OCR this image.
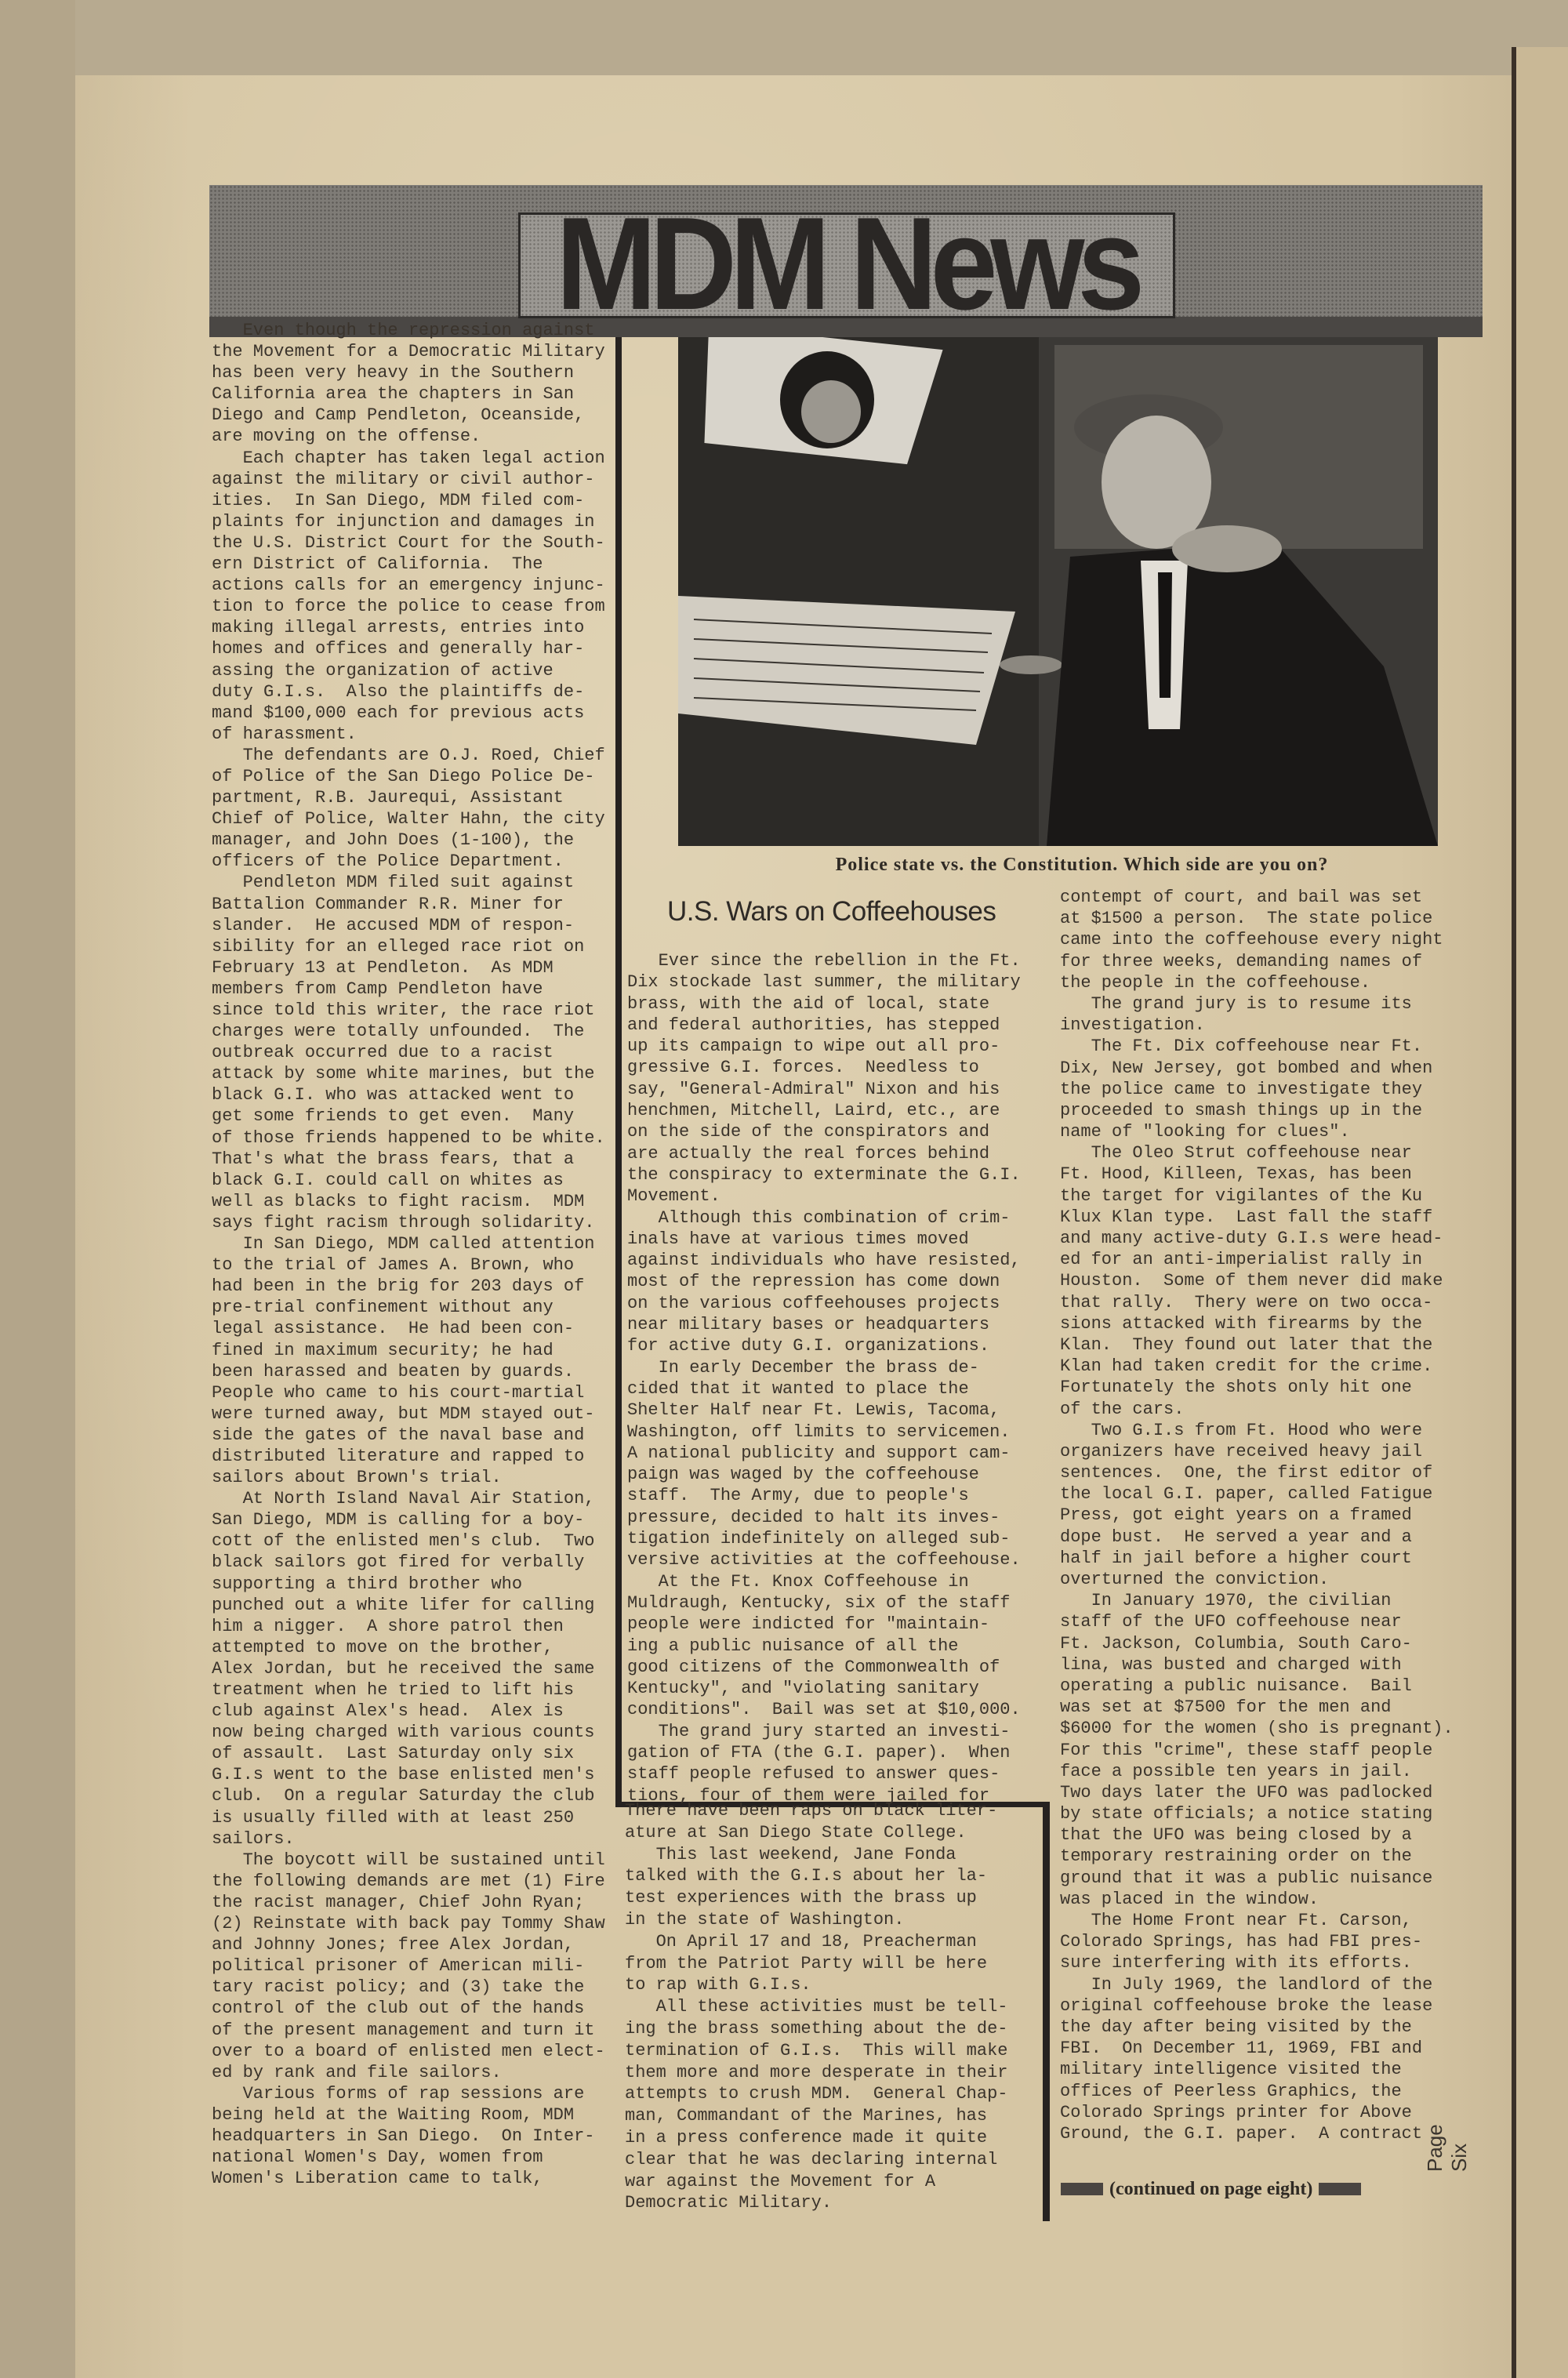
MDM News
Even though the repression against
the Movement for a Democratic Military
has been very heavy in the Southern
California area the chapters in San
Diego and Camp Pendleton, Oceanside,
are moving on the offense.
Each chapter has taken legal action
against the military or civil author-
ities.  In San Diego, MDM filed com-
plaints for injunction and damages in
the U.S. District Court for the South-
ern District of California.  The
actions calls for an emergency injunc-
tion to force the police to cease from
making illegal arrests, entries into
homes and offices and generally har-
assing the organization of active
duty G.I.s.  Also the plaintiffs de-
mand $100,000 each for previous acts
of harassment.
The defendants are O.J. Roed, Chief
of Police of the San Diego Police De-
partment, R.B. Jaurequi, Assistant
Chief of Police, Walter Hahn, the city
manager, and John Does (1-100), the
officers of the Police Department.
Pendleton MDM filed suit against
Battalion Commander R.R. Miner for
slander.  He accused MDM of respon-
sibility for an elleged race riot on
February 13 at Pendleton.  As MDM
members from Camp Pendleton have
since told this writer, the race riot
charges were totally unfounded.  The
outbreak occurred due to a racist
attack by some white marines, but the
black G.I. who was attacked went to
get some friends to get even.  Many
of those friends happened to be white.
That's what the brass fears, that a
black G.I. could call on whites as
well as blacks to fight racism.  MDM
says fight racism through solidarity.
In San Diego, MDM called attention
to the trial of James A. Brown, who
had been in the brig for 203 days of
pre-trial confinement without any
legal assistance.  He had been con-
fined in maximum security; he had
been harassed and beaten by guards.
People who came to his court-martial
were turned away, but MDM stayed out-
side the gates of the naval base and
distributed literature and rapped to
sailors about Brown's trial.
At North Island Naval Air Station,
San Diego, MDM is calling for a boy-
cott of the enlisted men's club.  Two
black sailors got fired for verbally
supporting a third brother who
punched out a white lifer for calling
him a nigger.  A shore patrol then
attempted to move on the brother,
Alex Jordan, but he received the same
treatment when he tried to lift his
club against Alex's head.  Alex is
now being charged with various counts
of assault.  Last Saturday only six
G.I.s went to the base enlisted men's
club.  On a regular Saturday the club
is usually filled with at least 250
sailors.
The boycott will be sustained until
the following demands are met (1) Fire
the racist manager, Chief John Ryan;
(2) Reinstate with back pay Tommy Shaw
and Johnny Jones; free Alex Jordan,
political prisoner of American mili-
tary racist policy; and (3) take the
control of the club out of the hands
of the present management and turn it
over to a board of enlisted men elect-
ed by rank and file sailors.
Various forms of rap sessions are
being held at the Waiting Room, MDM
headquarters in San Diego.  On Inter-
national Women's Day, women from
Women's Liberation came to talk,
Police state vs. the Constitution. Which side are you on?
U.S. Wars on Coffeehouses
Ever since the rebellion in the Ft.
Dix stockade last summer, the military
brass, with the aid of local, state
and federal authorities, has stepped
up its campaign to wipe out all pro-
gressive G.I. forces.  Needless to
say, "General-Admiral" Nixon and his
henchmen, Mitchell, Laird, etc., are
on the side of the conspirators and
are actually the real forces behind
the conspiracy to exterminate the G.I.
Movement.
Although this combination of crim-
inals have at various times moved
against individuals who have resisted,
most of the repression has come down
on the various coffeehouses projects
near military bases or headquarters
for active duty G.I. organizations.
In early December the brass de-
cided that it wanted to place the
Shelter Half near Ft. Lewis, Tacoma,
Washington, off limits to servicemen.
A national publicity and support cam-
paign was waged by the coffeehouse
staff.  The Army, due to people's
pressure, decided to halt its inves-
tigation indefinitely on alleged sub-
versive activities at the coffeehouse.
At the Ft. Knox Coffeehouse in
Muldraugh, Kentucky, six of the staff
people were indicted for "maintain-
ing a public nuisance of all the
good citizens of the Commonwealth of
Kentucky", and "violating sanitary
conditions".  Bail was set at $10,000.
The grand jury started an investi-
gation of FTA (the G.I. paper).  When
staff people refused to answer ques-
tions, four of them were jailed for
There have been raps on black liter-
ature at San Diego State College.
This last weekend, Jane Fonda
talked with the G.I.s about her la-
test experiences with the brass up
in the state of Washington.
On April 17 and 18, Preacherman
from the Patriot Party will be here
to rap with G.I.s.
All these activities must be tell-
ing the brass something about the de-
termination of G.I.s.  This will make
them more and more desperate in their
attempts to crush MDM.  General Chap-
man, Commandant of the Marines, has
in a press conference made it quite
clear that he was declaring internal
war against the Movement for A
Democratic Military.
contempt of court, and bail was set
at $1500 a person.  The state police
came into the coffeehouse every night
for three weeks, demanding names of
the people in the coffeehouse.
The grand jury is to resume its
investigation.
The Ft. Dix coffeehouse near Ft.
Dix, New Jersey, got bombed and when
the police came to investigate they
proceeded to smash things up in the
name of "looking for clues".
The Oleo Strut coffeehouse near
Ft. Hood, Killeen, Texas, has been
the target for vigilantes of the Ku
Klux Klan type.  Last fall the staff
and many active-duty G.I.s were head-
ed for an anti-imperialist rally in
Houston.  Some of them never did make
that rally.  Thery were on two occa-
sions attacked with firearms by the
Klan.  They found out later that the
Klan had taken credit for the crime.
Fortunately the shots only hit one
of the cars.
Two G.I.s from Ft. Hood who were
organizers have received heavy jail
sentences.  One, the first editor of
the local G.I. paper, called Fatigue
Press, got eight years on a framed
dope bust.  He served a year and a
half in jail before a higher court
overturned the conviction.
In January 1970, the civilian
staff of the UFO coffeehouse near
Ft. Jackson, Columbia, South Caro-
lina, was busted and charged with
operating a public nuisance.  Bail
was set at $7500 for the men and
$6000 for the women (sho is pregnant).
For this "crime", these staff people
face a possible ten years in jail.
Two days later the UFO was padlocked
by state officials; a notice stating
that the UFO was being closed by a
temporary restraining order on the
ground that it was a public nuisance
was placed in the window.
The Home Front near Ft. Carson,
Colorado Springs, has had FBI pres-
sure interfering with its efforts.
In July 1969, the landlord of the
original coffeehouse broke the lease
the day after being visited by the
FBI.  On December 11, 1969, FBI and
military intelligence visited the
offices of Peerless Graphics, the
Colorado Springs printer for Above
Ground, the G.I. paper.  A contract
(continued on page eight)
Page Six
